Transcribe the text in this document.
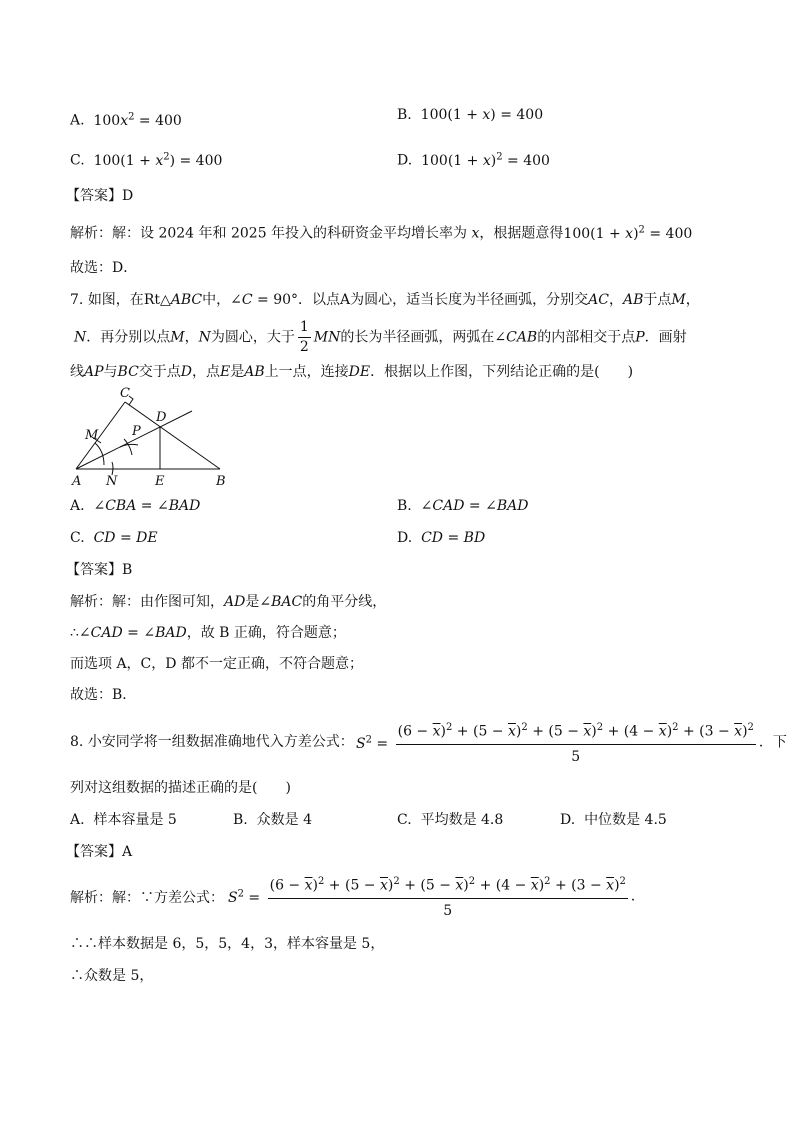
A. $100x^2 = 400$	B. 100(1 + x) = 400
C. $100(1 + x^2) = 400$	D. $100(1 + x)^2 = 400$
【答案】D
解析：解：设 2024 年和 2025 年投入的科研资金平均增长率为 x，根据题意得$100(1 + x)^2 = 400$
故选：D．
7. 如图，在Rt△ABC中，∠C = 90°．以点A为圆心，适当长度为半径画弧，分别交AC，AB于点M，
N．再分别以点M，N为圆心，大于 $\frac{1}{2}$ MN的长为半径画弧，两弧在∠CAB的内部相交于点P．画射
线AP与BC交于点D，点E是AB上一点，连接DE．根据以上作图，下列结论正确的是(　　)
C
D
M	P
A N	E	B
A. ∠CBA = ∠BAD	B. ∠CAD = ∠BAD
C. CD = DE	D. CD = BD
【答案】B
解析：解：由作图可知，AD是∠BAC的角平分线，
∴∠CAD = ∠BAD，故 B 正确，符合题意；
而选项 A，C，D 都不一定正确，不符合题意；
故选：B．
8. 小安同学将一组数据准确地代入方差公式： $S^2 = \frac{(6 - \overline{x})^2 + (5 - \overline{x})^2 + (5 - \overline{x})^2 + (4 - \overline{x})^2 + (3 - \overline{x})^2}{5}$ ．下
列对这组数据的描述正确的是(　　)
A. 样本容量是 5	B. 众数是 4	C. 平均数是 4.8	D. 中位数是 4.5
【答案】A
解析：解：∵方差公式： $S^2 = \frac{(6 - \overline{x})^2 + (5 - \overline{x})^2 + (5 - \overline{x})^2 + (4 - \overline{x})^2 + (3 - \overline{x})^2}{5}$ ．
∴∴样本数据是 6，5，5，4，3，样本容量是 5，
∴众数是 5，
